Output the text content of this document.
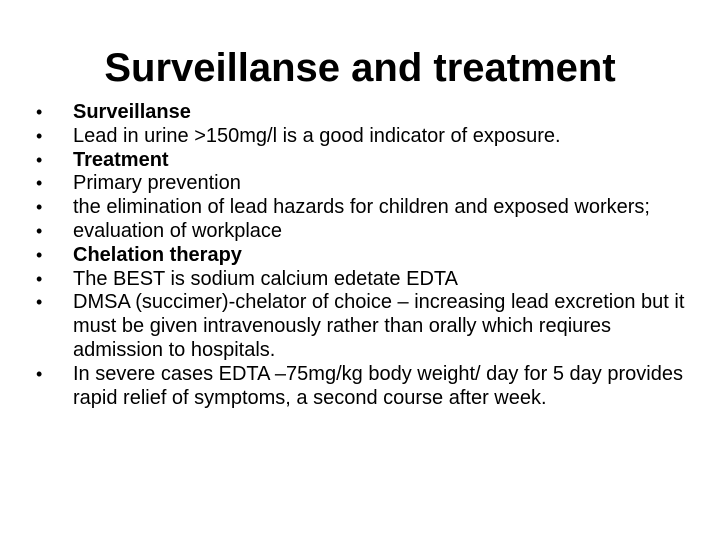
Surveillanse and treatment
•	Surveillanse
•	Lead in urine >150mg/l is a good indicator of exposure.
•	Treatment
•	Primary prevention
•	the elimination of lead hazards for children and exposed workers;
•	evaluation of workplace
•	Chelation therapy
•	The BEST is sodium calcium edetate EDTA
•	DMSA (succimer)-chelator of choice – increasing lead excretion but it must be given intravenously rather than orally which reqiures admission to hospitals.
•	In severe cases EDTA –75mg/kg body weight/ day for 5 day provides rapid relief of symptoms, a second course after week.
